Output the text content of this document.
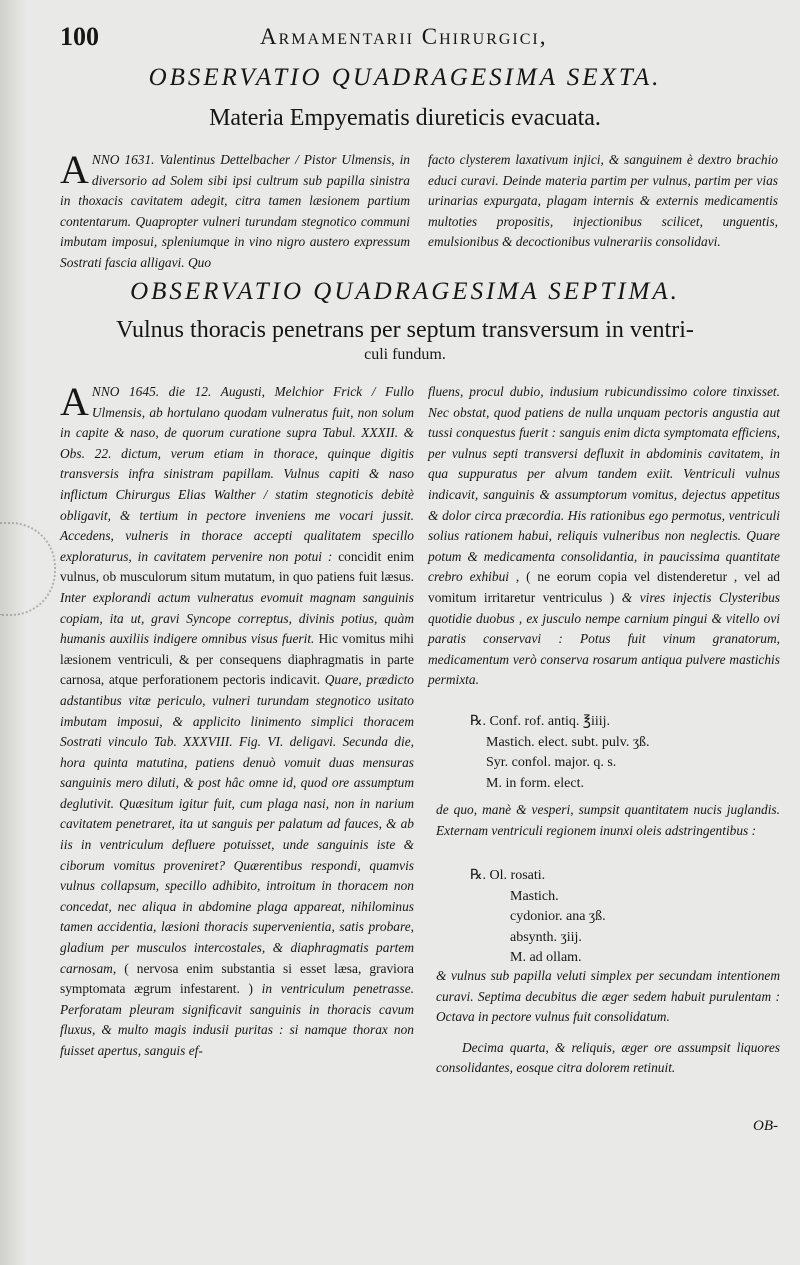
100	Armamentarii Chirurgici,
OBSERVATIO QUADRAGESIMA SEXTA.
Materia Empyematis diureticis evacuata.
ANNO 1631. Valentinus Dettelbacher / Pistor Ulmensis, in diversorio ad Solem sibi ipsi cultrum sub papilla sinistra in thoxacis cavitatem adegit, citra tamen læsionem partium contentarum. Quapropter vulneri turundam stegnotico communi imbutam imposui, spleniumque in vino nigro austero expressum Sostrati fascia alligavi. Quo
facto clysterem laxativum injici, & sanguinem è dextro brachio educi curavi. Deinde materia partim per vulnus, partim per vias urinarias expurgata, plagam internis & externis medicamentis multoties propositis, injectionibus scilicet, unguentis, emulsionibus & decoctionibus vulnerariis consolidavi.
OBSERVATIO QUADRAGESIMA SEPTIMA.
Vulnus thoracis penetrans per septum transversum in ventri-
culi fundum.
ANNO 1645. die 12. Augusti, Melchior Frick / Fullo Ulmensis, ab hortulano quodam vulneratus fuit, non solum in capite & naso, de quorum curatione supra Tabul. XXXII. & Obs. 22. dictum, verum etiam in thorace, quinque digitis transversis infra sinistram papillam. Vulnus capiti & naso inflictum Chirurgus Elias Walther / statim stegnoticis debitè obligavit, & tertium in pectore inveniens me vocari jussit. Accedens, vulneris in thorace accepti qualitatem specillo exploraturus, in cavitatem pervenire non potui : concidit enim vulnus, ob musculorum situm mutatum, in quo patiens fuit læsus. Inter explorandi actum vulneratus evomuit magnam sanguinis copiam, ita ut, gravi Syncope correptus, divinis potius, quàm humanis auxiliis indigere omnibus visus fuerit. Hic vomitus mihi læsionem ventriculi, & per consequens diaphragmatis in parte carnosa, atque perforationem pectoris indicavit. Quare, prædicto adstantibus vitæ periculo, vulneri turundam stegnotico usitato imbutam imposui, & applicito linimento simplici thoracem Sostrati vinculo Tab. XXXVIII. Fig. VI. deligavi. Secunda die, hora quinta matutina, patiens denuò vomuit duas mensuras sanguinis mero diluti, & post hâc omne id, quod ore assumptum deglutivit. Quæsitum igitur fuit, cum plaga nasi, non in narium cavitatem penetraret, ita ut sanguis per palatum ad fauces, & ab iis in ventriculum defluere potuisset, unde sanguinis iste & ciborum vomitus proveniret? Quærentibus respondi, quamvis vulnus collapsum, specillo adhibito, introitum in thoracem non concedat, nec aliqua in abdomine plaga appareat, nihilominus tamen accidentia, læsioni thoracis supervenientia, satis probare, gladium per musculos intercostales, & diaphragmatis partem carnosam, ( nervosa enim substantia si esset læsa, graviora symptomata ægrum infestarent. ) in ventriculum penetrasse. Perforatam pleuram significavit sanguinis in thoracis cavum fluxus, & multo magis indusii puritas : si namque thorax non fuisset apertus, sanguis ef-
fluens, procul dubio, indusium rubicundissimo colore tinxisset. Nec obstat, quod patiens de nulla unquam pectoris angustia aut tussi conquestus fuerit : sanguis enim dicta symptomata efficiens, per vulnus septi transversi defluxit in abdominis cavitatem, in qua suppuratus per alvum tandem exiit. Ventriculi vulnus indicavit, sanguinis & assumptorum vomitus, dejectus appetitus & dolor circa præcordia. His rationibus ego permotus, ventriculi solius rationem habui, reliquis vulneribus non neglectis. Quare potum & medicamenta consolidantia, in paucissima quantitate crebro exhibui , ( ne eorum copia vel distenderetur , vel ad vomitum irritaretur ventriculus ) & vires injectis Clysteribus quotidie duobus , ex jusculo nempe carnium pingui & vitello ovi paratis conservavi : Potus fuit vinum granatorum, medicamentum verò conserva rosarum antiqua pulvere mastichis permixta.
℞. Conf. rof. antiq. ℥iiij.
Mastich. elect. subt. pulv. ʒß.
Syr. confol. major. q. s.
M. in form. elect.
de quo, manè & vesperi, sumpsit quantitatem nucis juglandis. Externam ventriculi regionem inunxi oleis adstringentibus :
℞. Ol. rosati.
Mastich.
cydonior. ana ʒß.
absynth. ʒiij.
M. ad ollam.

& vulnus sub papilla veluti simplex per secundam intentionem curavi. Septima decubitus die æger sedem habuit purulentam : Octava in pectore vulnus fuit consolidatum.

Decima quarta, & reliquis, æger ore assumpsit liquores consolidantes, eosque citra dolorem retinuit.

OB-
